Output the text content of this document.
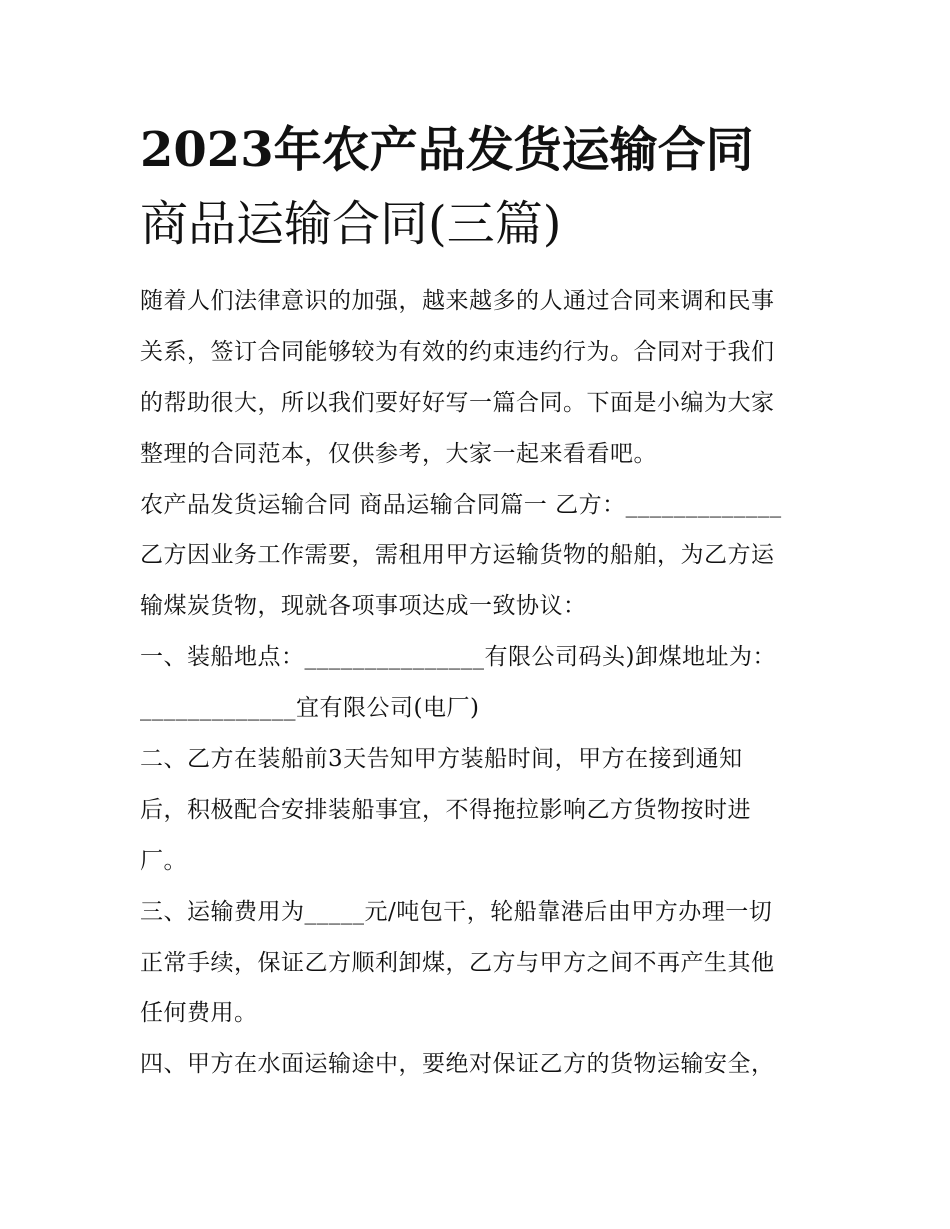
2023年农产品发货运输合同
商品运输合同(三篇)
随着人们法律意识的加强，越来越多的人通过合同来调和民事
关系，签订合同能够较为有效的约束违约行为。合同对于我们
的帮助很大，所以我们要好好写一篇合同。下面是小编为大家
整理的合同范本，仅供参考，大家一起来看看吧。
农产品发货运输合同 商品运输合同篇一 乙方：_____________
乙方因业务工作需要，需租用甲方运输货物的船舶，为乙方运
输煤炭货物，现就各项事项达成一致协议：
一、装船地点：_______________有限公司码头)卸煤地址为：
_____________宜有限公司(电厂)
二、乙方在装船前3天告知甲方装船时间，甲方在接到通知
后，积极配合安排装船事宜，不得拖拉影响乙方货物按时进
厂。
三、运输费用为_____元/吨包干，轮船靠港后由甲方办理一切
正常手续，保证乙方顺利卸煤，乙方与甲方之间不再产生其他
任何费用。
四、甲方在水面运输途中，要绝对保证乙方的货物运输安全，
